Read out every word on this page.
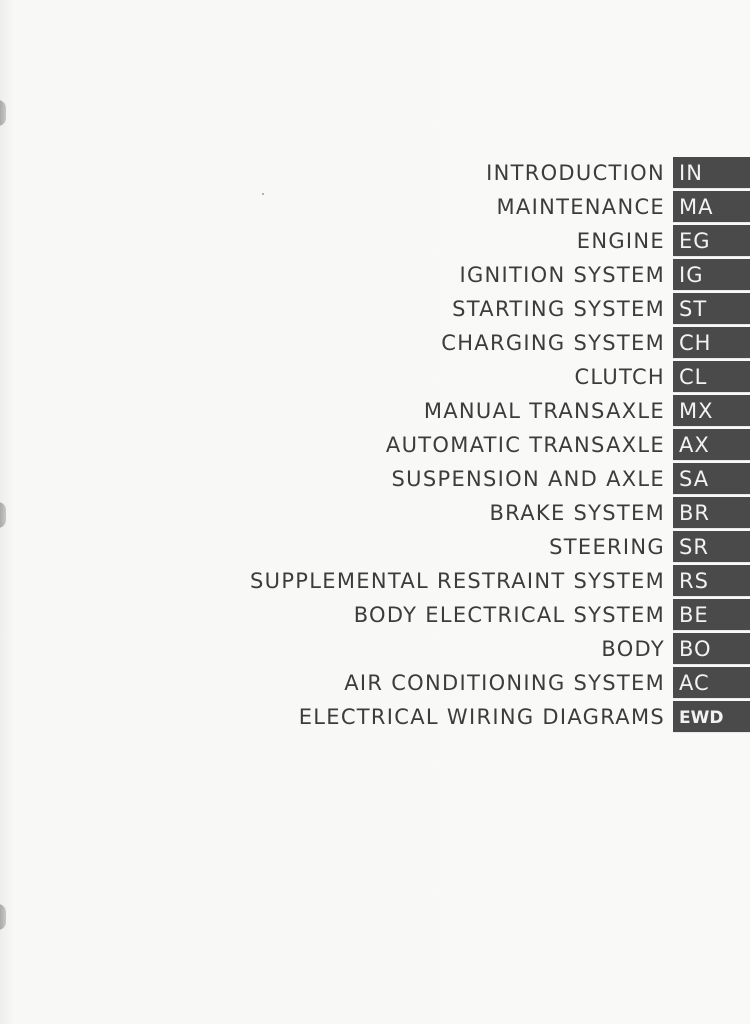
INTRODUCTION IN
MAINTENANCE MA
ENGINE EG
IGNITION SYSTEM IG
STARTING SYSTEM ST
CHARGING SYSTEM CH
CLUTCH CL
MANUAL TRANSAXLE MX
AUTOMATIC TRANSAXLE AX
SUSPENSION AND AXLE SA
BRAKE SYSTEM BR
STEERING SR
SUPPLEMENTAL RESTRAINT SYSTEM RS
BODY ELECTRICAL SYSTEM BE
BODY BO
AIR CONDITIONING SYSTEM AC
ELECTRICAL WIRING DIAGRAMS EWD
